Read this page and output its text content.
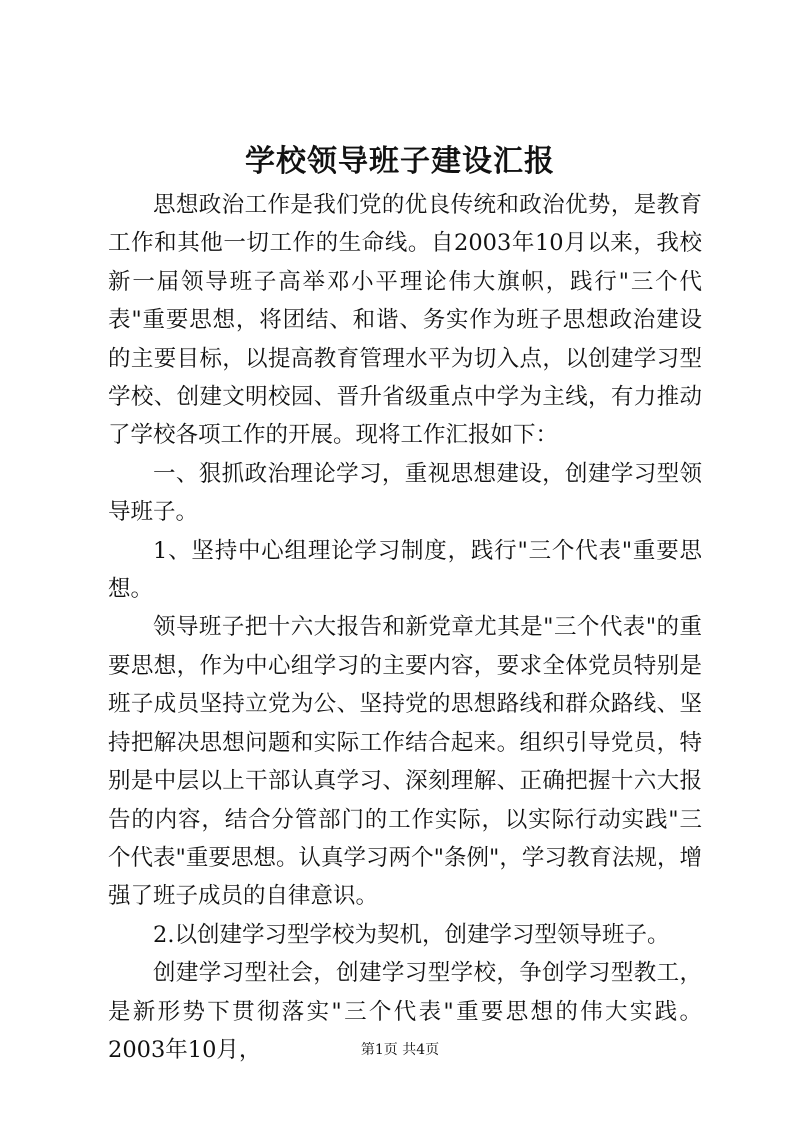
学校领导班子建设汇报

思想政治工作是我们党的优良传统和政治优势，是教育工作和其他一切工作的生命线。自2003年10月以来，我校新一届领导班子高举邓小平理论伟大旗帜，践行"三个代表"重要思想，将团结、和谐、务实作为班子思想政治建设的主要目标，以提高教育管理水平为切入点，以创建学习型学校、创建文明校园、晋升省级重点中学为主线，有力推动了学校各项工作的开展。现将工作汇报如下：

一、狠抓政治理论学习，重视思想建设，创建学习型领导班子。

1、坚持中心组理论学习制度，践行"三个代表"重要思想。

领导班子把十六大报告和新党章尤其是"三个代表"的重要思想，作为中心组学习的主要内容，要求全体党员特别是班子成员坚持立党为公、坚持党的思想路线和群众路线、坚持把解决思想问题和实际工作结合起来。组织引导党员，特别是中层以上干部认真学习、深刻理解、正确把握十六大报告的内容，结合分管部门的工作实际，以实际行动实践"三个代表"重要思想。认真学习两个"条例"，学习教育法规，增强了班子成员的自律意识。

2.以创建学习型学校为契机，创建学习型领导班子。

创建学习型社会，创建学习型学校，争创学习型教工，是新形势下贯彻落实"三个代表"重要思想的伟大实践。2003年10月，	第1页 共4页
